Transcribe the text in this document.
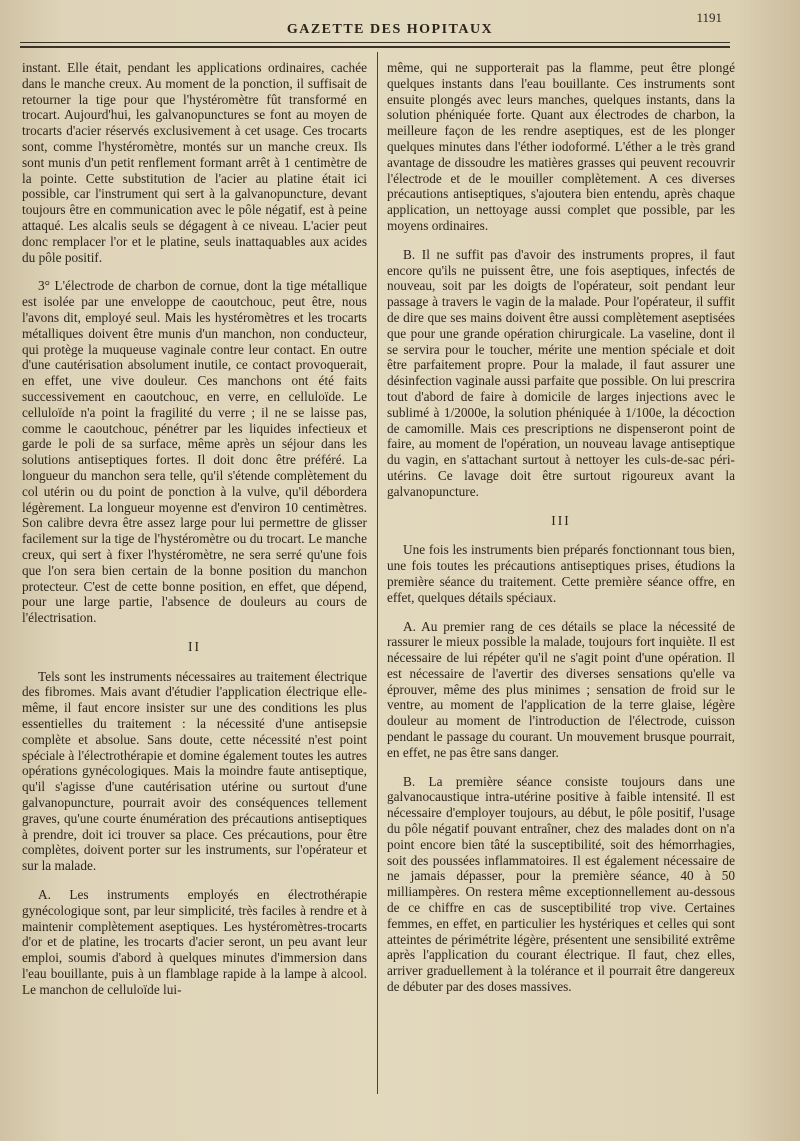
GAZETTE DES HOPITAUX
1191

instant. Elle était, pendant les applications ordinaires, cachée dans le manche creux. Au moment de la ponction, il suffisait de retourner la tige pour que l'hystéromètre fût transformé en trocart. Aujourd'hui, les galvanopunctures se font au moyen de trocarts d'acier réservés exclusivement à cet usage. Ces trocarts sont, comme l'hystéromètre, montés sur un manche creux. Ils sont munis d'un petit renflement formant arrêt à 1 centimètre de la pointe. Cette substitution de l'acier au platine était ici possible, car l'instrument qui sert à la galvanopuncture, devant toujours être en communication avec le pôle négatif, est à peine attaqué. Les alcalis seuls se dégagent à ce niveau. L'acier peut donc remplacer l'or et le platine, seuls inattaquables aux acides du pôle positif.

3° L'électrode de charbon de cornue, dont la tige métallique est isolée par une enveloppe de caoutchouc, peut être, nous l'avons dit, employé seul. Mais les hystéromètres et les trocarts métalliques doivent être munis d'un manchon, non conducteur, qui protège la muqueuse vaginale contre leur contact. En outre d'une cautérisation absolument inutile, ce contact provoquerait, en effet, une vive douleur. Ces manchons ont été faits successivement en caoutchouc, en verre, en celluloïde. Le celluloïde n'a point la fragilité du verre ; il ne se laisse pas, comme le caoutchouc, pénétrer par les liquides infectieux et garde le poli de sa surface, même après un séjour dans les solutions antiseptiques fortes. Il doit donc être préféré. La longueur du manchon sera telle, qu'il s'étende complètement du col utérin ou du point de ponction à la vulve, qu'il débordera légèrement. La longueur moyenne est d'environ 10 centimètres. Son calibre devra être assez large pour lui permettre de glisser facilement sur la tige de l'hystéromètre ou du trocart. Le manche creux, qui sert à fixer l'hystéromètre, ne sera serré qu'une fois que l'on sera bien certain de la bonne position du manchon protecteur. C'est de cette bonne position, en effet, que dépend, pour une large partie, l'absence de douleurs au cours de l'électrisation.

II

Tels sont les instruments nécessaires au traitement électrique des fibromes. Mais avant d'étudier l'application électrique elle-même, il faut encore insister sur une des conditions les plus essentielles du traitement : la nécessité d'une antisepsie complète et absolue. Sans doute, cette nécessité n'est point spéciale à l'électrothérapie et domine également toutes les autres opérations gynécologiques. Mais la moindre faute antiseptique, qu'il s'agisse d'une cautérisation utérine ou surtout d'une galvanopuncture, pourrait avoir des conséquences tellement graves, qu'une courte énumération des précautions antiseptiques à prendre, doit ici trouver sa place. Ces précautions, pour être complètes, doivent porter sur les instruments, sur l'opérateur et sur la malade.

A. Les instruments employés en électrothérapie gynécologique sont, par leur simplicité, très faciles à rendre et à maintenir complètement aseptiques. Les hystéromètres-trocarts d'or et de platine, les trocarts d'acier seront, un peu avant leur emploi, soumis d'abord à quelques minutes d'immersion dans l'eau bouillante, puis à un flamblage rapide à la lampe à alcool. Le manchon de celluloïde lui-

même, qui ne supporterait pas la flamme, peut être plongé quelques instants dans l'eau bouillante. Ces instruments sont ensuite plongés avec leurs manches, quelques instants, dans la solution phéniquée forte. Quant aux électrodes de charbon, la meilleure façon de les rendre aseptiques, est de les plonger quelques minutes dans l'éther iodoformé. L'éther a le très grand avantage de dissoudre les matières grasses qui peuvent recouvrir l'électrode et de le mouiller complètement. A ces diverses précautions antiseptiques, s'ajoutera bien entendu, après chaque application, un nettoyage aussi complet que possible, par les moyens ordinaires.

B. Il ne suffit pas d'avoir des instruments propres, il faut encore qu'ils ne puissent être, une fois aseptiques, infectés de nouveau, soit par les doigts de l'opérateur, soit pendant leur passage à travers le vagin de la malade. Pour l'opérateur, il suffit de dire que ses mains doivent être aussi complètement aseptisées que pour une grande opération chirurgicale. La vaseline, dont il se servira pour le toucher, mérite une mention spéciale et doit être parfaitement propre. Pour la malade, il faut assurer une désinfection vaginale aussi parfaite que possible. On lui prescrira tout d'abord de faire à domicile de larges injections avec le sublimé à 1/2000e, la solution phéniquée à 1/100e, la décoction de camomille. Mais ces prescriptions ne dispenseront point de faire, au moment de l'opération, un nouveau lavage antiseptique du vagin, en s'attachant surtout à nettoyer les culs-de-sac péri-utérins. Ce lavage doit être surtout rigoureux avant la galvanopuncture.

III

Une fois les instruments bien préparés fonctionnant tous bien, une fois toutes les précautions antiseptiques prises, étudions la première séance du traitement. Cette première séance offre, en effet, quelques détails spéciaux.

A. Au premier rang de ces détails se place la nécessité de rassurer le mieux possible la malade, toujours fort inquiète. Il est nécessaire de lui répéter qu'il ne s'agit point d'une opération. Il est nécessaire de l'avertir des diverses sensations qu'elle va éprouver, même des plus minimes ; sensation de froid sur le ventre, au moment de l'application de la terre glaise, légère douleur au moment de l'introduction de l'électrode, cuisson pendant le passage du courant. Un mouvement brusque pourrait, en effet, ne pas être sans danger.

B. La première séance consiste toujours dans une galvanocaustique intra-utérine positive à faible intensité. Il est nécessaire d'employer toujours, au début, le pôle positif, l'usage du pôle négatif pouvant entraîner, chez des malades dont on n'a point encore bien tâté la susceptibilité, soit des hémorrhagies, soit des poussées inflammatoires. Il est également nécessaire de ne jamais dépasser, pour la première séance, 40 à 50 milliampères. On restera même exceptionnellement au-dessous de ce chiffre en cas de susceptibilité trop vive. Certaines femmes, en effet, en particulier les hystériques et celles qui sont atteintes de périmétrite légère, présentent une sensibilité extrême après l'application du courant électrique. Il faut, chez elles, arriver graduellement à la tolérance et il pourrait être dangereux de débuter par des doses massives.
